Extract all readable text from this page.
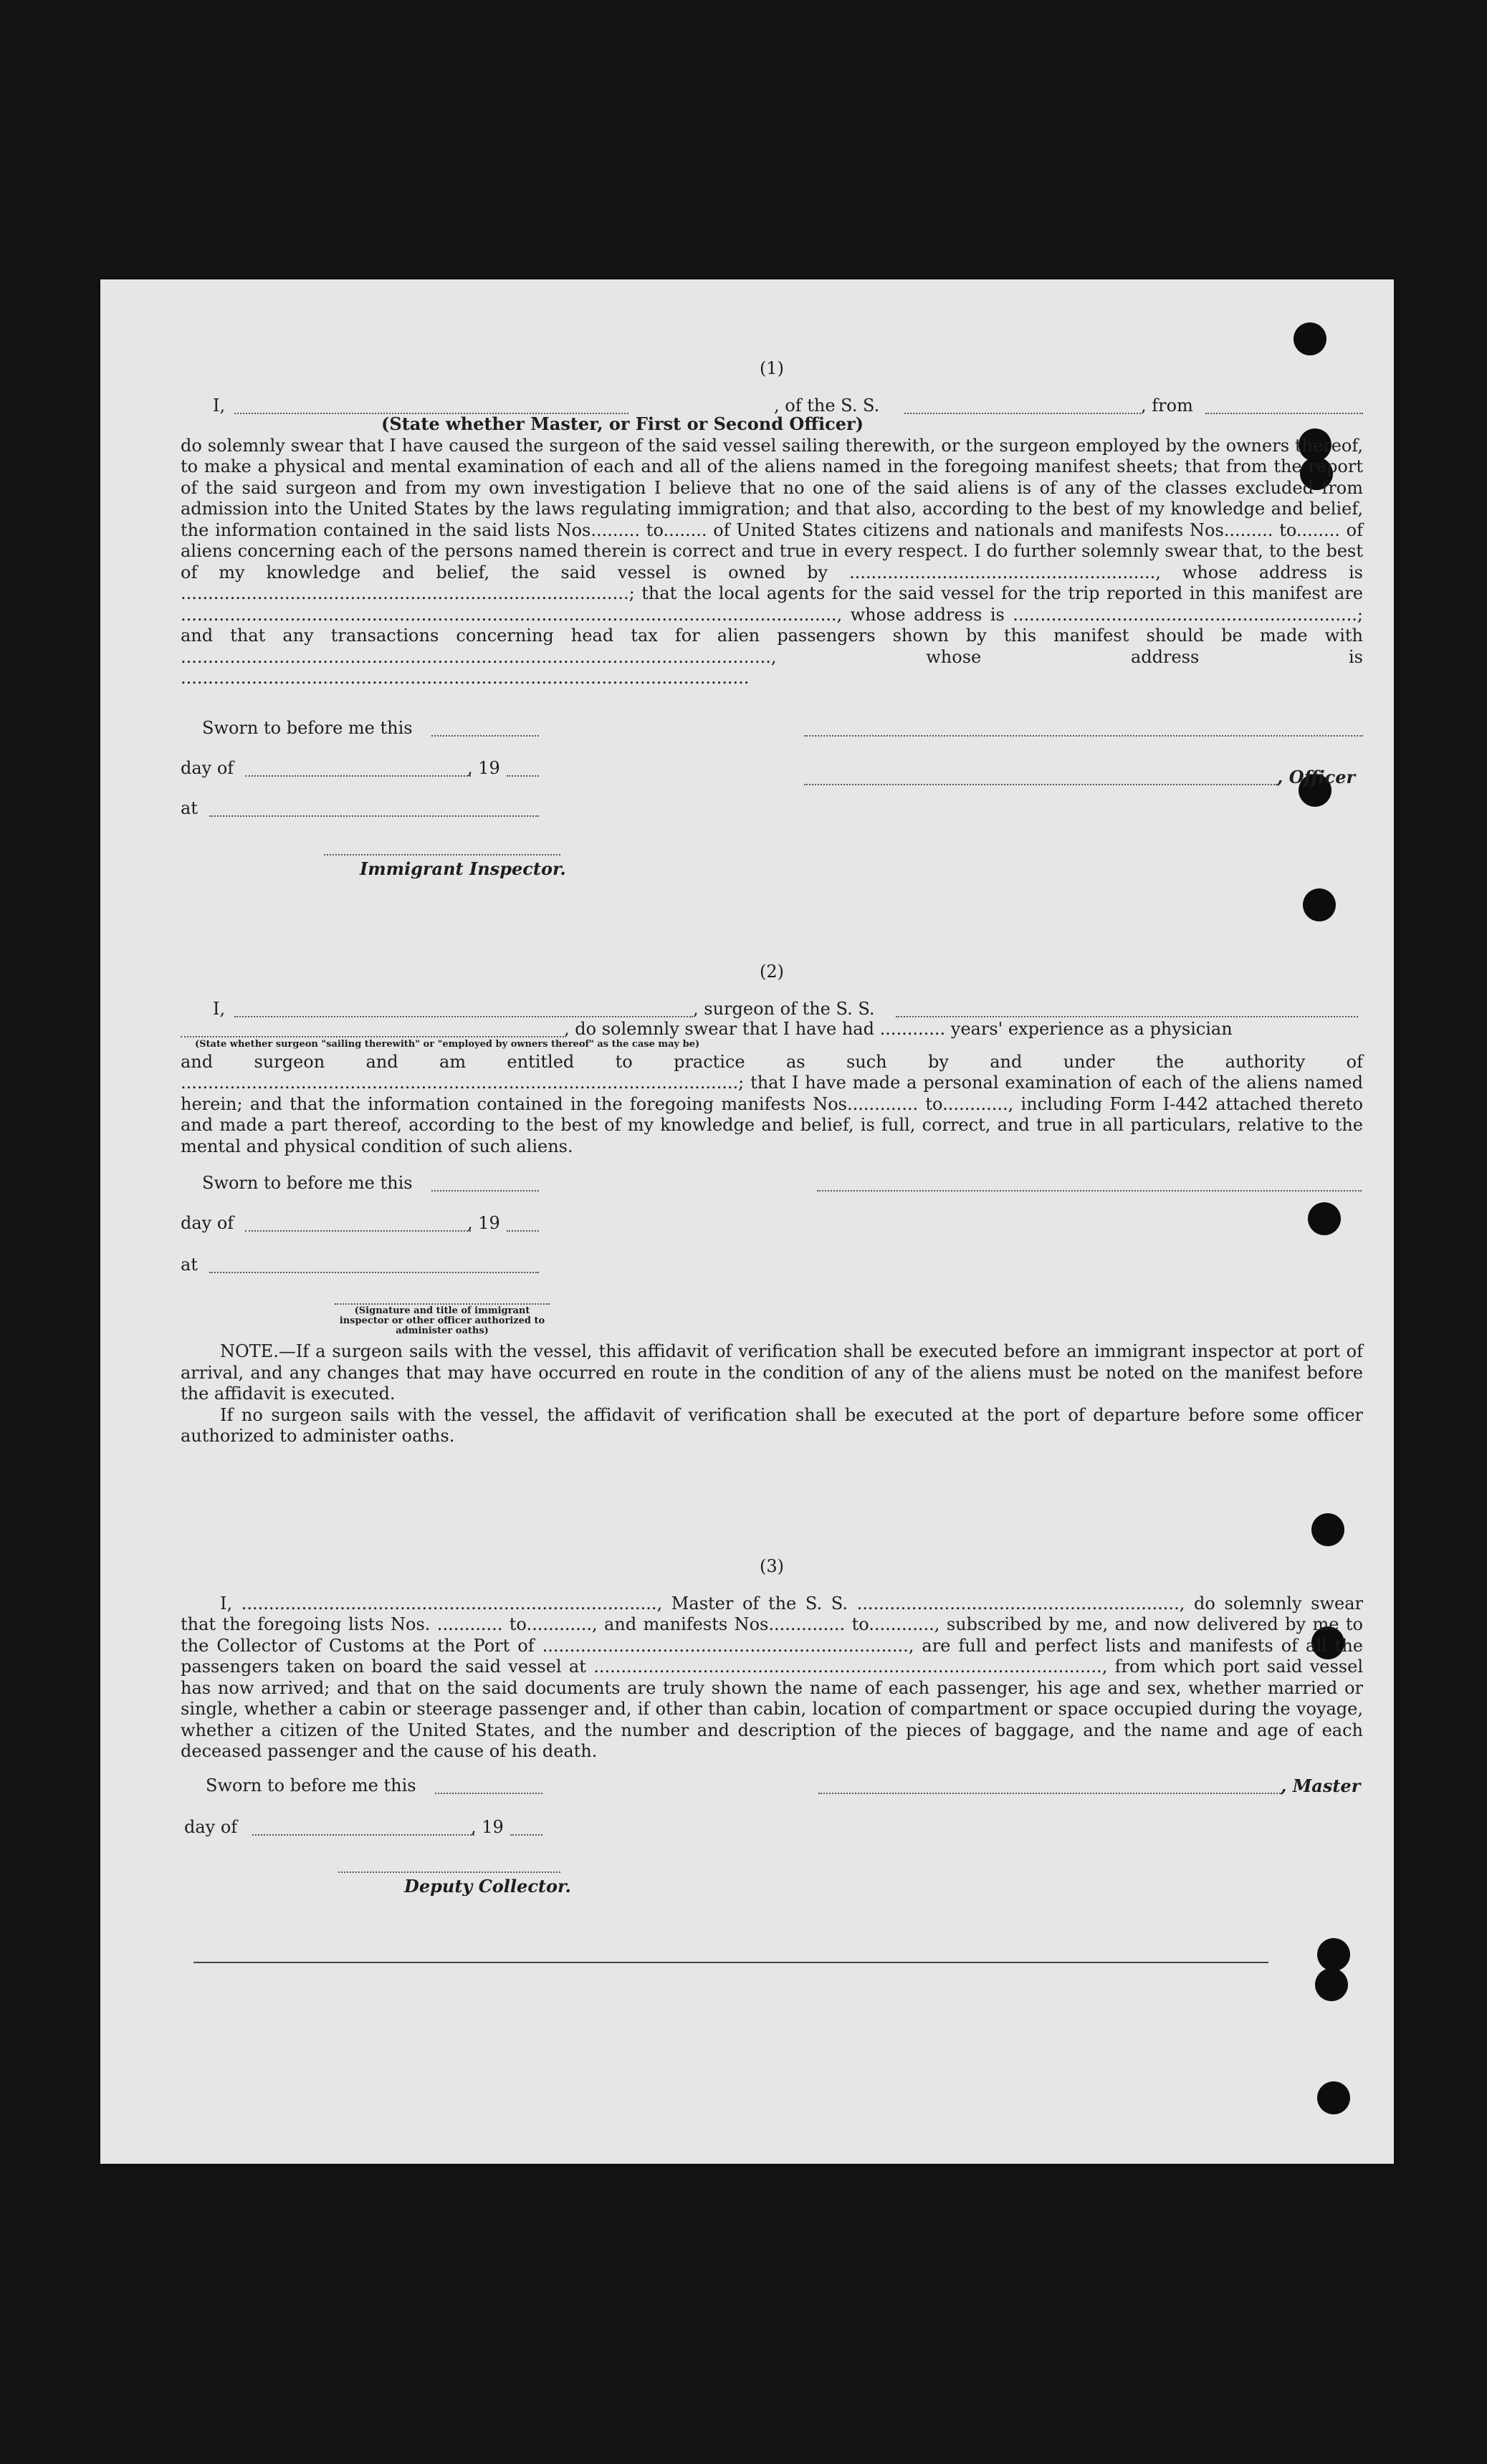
(1)
I,	, of the S. S.	, from
(State whether Master, or First or Second Officer)

do solemnly swear that I have caused the surgeon of the said vessel sailing therewith, or the surgeon employed by the owners thereof, to make a physical and mental examination of each and all of the aliens named in the foregoing manifest sheets; that from the report of the said surgeon and from my own investigation I believe that no one of the said aliens is of any of the classes excluded from admission into the United States by the laws regulating immigration; and that also, according to the best of my knowledge and belief, the information contained in the said lists Nos......... to........ of United States citizens and nationals and manifests Nos......... to........ of aliens concerning each of the persons named therein is correct and true in every respect. I do further solemnly swear that, to the best of my knowledge and belief, the said vessel is owned by ........................................................, whose address is ..................................................................................; that the local agents for the said vessel for the trip reported in this manifest are ........................................................................................................................, whose address is ...............................................................; and that any transactions concerning head tax for alien passengers shown by this manifest should be made with ............................................................................................................, whose address is ........................................................................................................

Sworn to before me this
day of	, 19	, Officer
at
Immigrant Inspector.
(2)
I,	, surgeon of the S. S.
, do solemnly swear that I have had ............ years' experience as a physician
(State whether surgeon "sailing therewith" or "employed by owners thereof" as the case may be)

and surgeon and am entitled to practice as such by and under the authority of ......................................................................................................; that I have made a personal examination of each of the aliens named herein; and that the information contained in the foregoing manifests Nos............. to............, including Form I-442 attached thereto and made a part thereof, according to the best of my knowledge and belief, is full, correct, and true in all particulars, relative to the mental and physical condition of such aliens.

Sworn to before me this
day of	, 19
at
(Signature and title of immigrant inspector or other officer authorized to administer oaths)

NOTE.—If a surgeon sails with the vessel, this affidavit of verification shall be executed before an immigrant inspector at port of arrival, and any changes that may have occurred en route in the condition of any of the aliens must be noted on the manifest before the affidavit is executed.

If no surgeon sails with the vessel, the affidavit of verification shall be executed at the port of departure before some officer authorized to administer oaths.

(3)

I, ............................................................................, Master of the S. S. ..........................................................., do solemnly swear that the foregoing lists Nos. ............ to............, and manifests Nos.............. to............, subscribed by me, and now delivered by me to the Collector of Customs at the Port of ..................................................................., are full and perfect lists and manifests of all the passengers taken on board the said vessel at ............................................................................................., from which port said vessel has now arrived; and that on the said documents are truly shown the name of each passenger, his age and sex, whether married or single, whether a cabin or steerage passenger and, if other than cabin, location of compartment or space occupied during the voyage, whether a citizen of the United States, and the number and description of the pieces of baggage, and the name and age of each deceased passenger and the cause of his death.

Sworn to before me this	, Master
day of	, 19
Deputy Collector.
